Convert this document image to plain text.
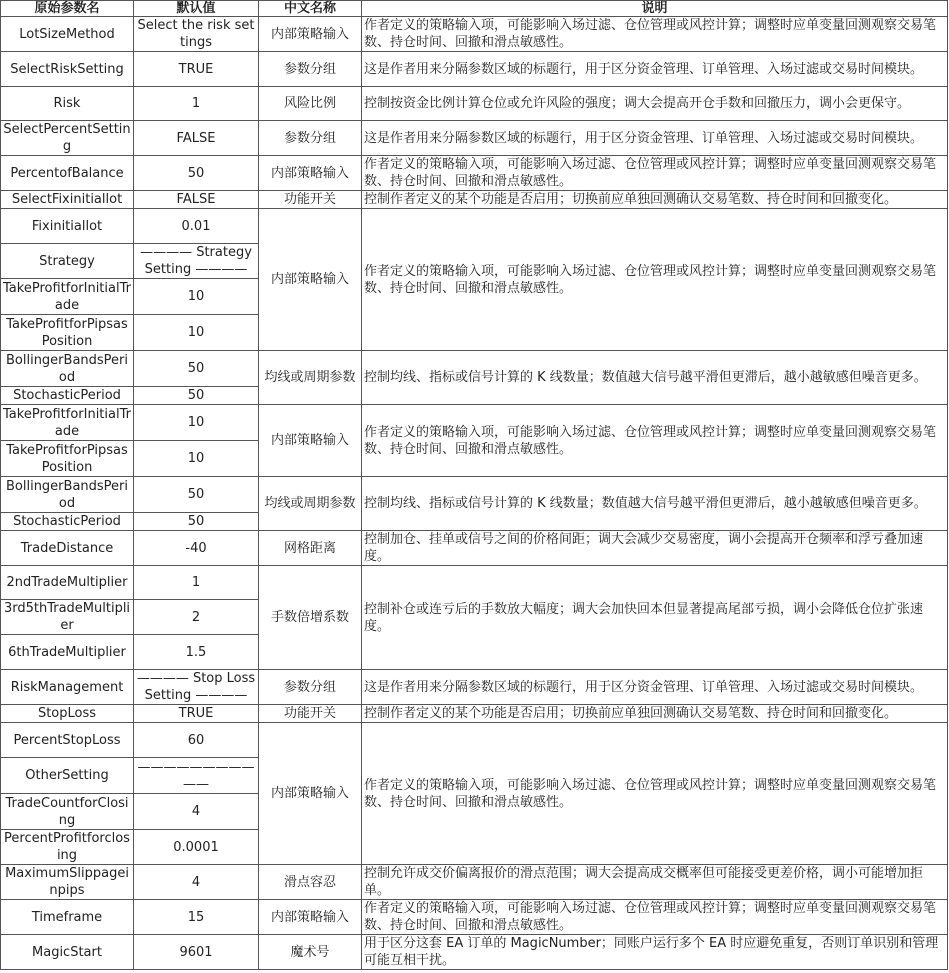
原始参数名	默认值	中文名称	说明
LotSizeMethod	Select the risk settings	内部策略输入	作者定义的策略输入项，可能影响入场过滤、仓位管理或风控计算；调整时应单变量回测观察交易笔数、持仓时间、回撤和滑点敏感性。
SelectRiskSetting	TRUE	参数分组	这是作者用来分隔参数区域的标题行，用于区分资金管理、订单管理、入场过滤或交易时间模块。
Risk	1	风险比例	控制按资金比例计算仓位或允许风险的强度；调大会提高开仓手数和回撤压力，调小会更保守。
SelectPercentSetting	FALSE	参数分组	这是作者用来分隔参数区域的标题行，用于区分资金管理、订单管理、入场过滤或交易时间模块。
PercentofBalance	50	内部策略输入	作者定义的策略输入项，可能影响入场过滤、仓位管理或风控计算；调整时应单变量回测观察交易笔数、持仓时间、回撤和滑点敏感性。
SelectFixinitiallot	FALSE	功能开关	控制作者定义的某个功能是否启用；切换前应单独回测确认交易笔数、持仓时间和回撤变化。
Fixinitiallot	0.01	内部策略输入	作者定义的策略输入项，可能影响入场过滤、仓位管理或风控计算；调整时应单变量回测观察交易笔数、持仓时间、回撤和滑点敏感性。
Strategy	———— Strategy Setting ————		
TakeProfitforInitialTrade	10		
TakeProfitforPipsasPosition	10		
BollingerBandsPeriod	50	均线或周期参数	控制均线、指标或信号计算的 K 线数量；数值越大信号越平滑但更滞后，越小越敏感但噪音更多。
StochasticPeriod	50		
TakeProfitforInitialTrade	10	内部策略输入	作者定义的策略输入项，可能影响入场过滤、仓位管理或风控计算；调整时应单变量回测观察交易笔数、持仓时间、回撤和滑点敏感性。
TakeProfitforPipsasPosition	10		
BollingerBandsPeriod	50	均线或周期参数	控制均线、指标或信号计算的 K 线数量；数值越大信号越平滑但更滞后，越小越敏感但噪音更多。
StochasticPeriod	50		
TradeDistance	-40	网格距离	控制加仓、挂单或信号之间的价格间距；调大会减少交易密度，调小会提高开仓频率和浮亏叠加速度。
2ndTradeMultiplier	1	手数倍增系数	控制补仓或连亏后的手数放大幅度；调大会加快回本但显著提高尾部亏损，调小会降低仓位扩张速度。
3rd5thTradeMultiplier	2		
6thTradeMultiplier	1.5		
RiskManagement	———— Stop Loss Setting ————	参数分组	这是作者用来分隔参数区域的标题行，用于区分资金管理、订单管理、入场过滤或交易时间模块。
StopLoss	TRUE	功能开关	控制作者定义的某个功能是否启用；切换前应单独回测确认交易笔数、持仓时间和回撤变化。
PercentStopLoss	60	内部策略输入	作者定义的策略输入项，可能影响入场过滤、仓位管理或风控计算；调整时应单变量回测观察交易笔数、持仓时间、回撤和滑点敏感性。
OtherSetting	———————————		
TradeCountforClosing	4		
PercentProfitforclosing	0.0001		
MaximumSlippageinpips	4	滑点容忍	控制允许成交价偏离报价的滑点范围；调大会提高成交概率但可能接受更差价格，调小可能增加拒单。
Timeframe	15	内部策略输入	作者定义的策略输入项，可能影响入场过滤、仓位管理或风控计算；调整时应单变量回测观察交易笔数、持仓时间、回撤和滑点敏感性。
MagicStart	9601	魔术号	用于区分这套 EA 订单的 MagicNumber；同账户运行多个 EA 时应避免重复，否则订单识别和管理可能互相干扰。
